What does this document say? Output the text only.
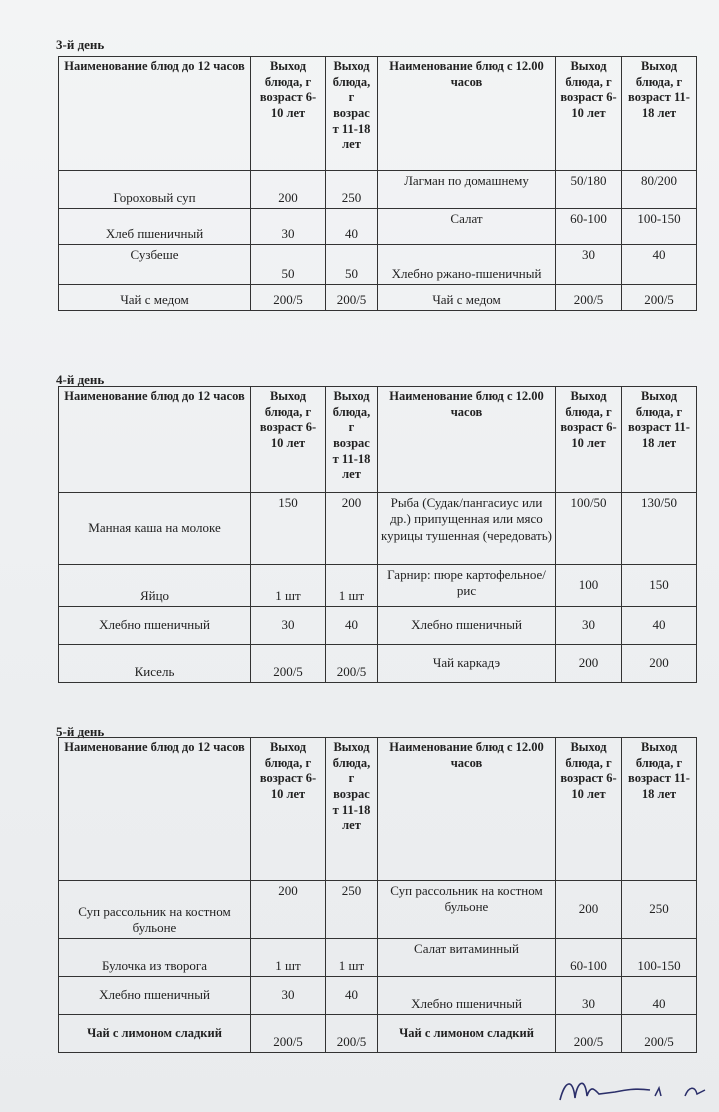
3-й день
Наименование блюд до 12 часов	Выход блюда, г возраст 6-10 лет	Выход блюда, г возрас т 11-18 лет	Наименование блюд с 12.00 часов	Выход блюда, г возраст 6-10 лет	Выход блюда, г возраст 11-18 лет
Гороховый суп	200	250	Лагман по домашнему	50/180	80/200
Хлеб пшеничный	30	40	Салат	60-100	100-150
Сузбеше	50	50	Хлебно ржано-пшеничный	30	40
Чай с медом	200/5	200/5	Чай с медом	200/5	200/5
4-й день
Наименование блюд до 12 часов	Выход блюда, г возраст 6-10 лет	Выход блюда, г возрас т 11-18 лет	Наименование блюд с 12.00 часов	Выход блюда, г возраст 6-10 лет	Выход блюда, г возраст 11-18 лет
Манная каша на молоке	150	200	Рыба (Судак/пангасиус или др.) припущенная или мясо курицы тушенная (чередовать)	100/50	130/50
Яйцо	1 шт	1 шт	Гарнир: пюре картофельное/рис	100	150
Хлебно пшеничный	30	40	Хлебно пшеничный	30	40
Кисель	200/5	200/5	Чай каркадэ	200	200
5-й день
Наименование блюд до 12 часов	Выход блюда, г возраст 6-10 лет	Выход блюда, г возрас т 11-18 лет	Наименование блюд с 12.00 часов	Выход блюда, г возраст 6-10 лет	Выход блюда, г возраст 11-18 лет
Суп рассольник на костном бульоне	200	250	Суп рассольник на костном бульоне	200	250
Булочка из творога	1 шт	1 шт	Салат витаминный	60-100	100-150
Хлебно пшеничный	30	40	Хлебно пшеничный	30	40
Чай с лимоном сладкий	200/5	200/5	Чай с лимоном сладкий	200/5	200/5
